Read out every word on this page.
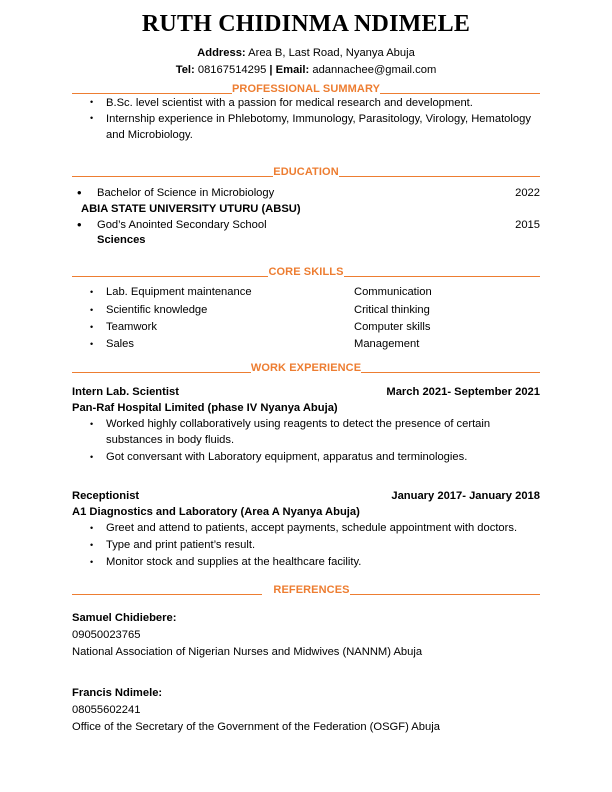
RUTH CHIDINMA NDIMELE

Address: Area B, Last Road, Nyanya Abuja

Tel: 08167514295 | Email: adannachee@gmail.com

PROFESSIONAL SUMMARY
• B.Sc. level scientist with a passion for medical research and development.
• Internship experience in Phlebotomy, Immunology, Parasitology, Virology, Hematology and Microbiology.
EDUCATION
• Bachelor of Science in Microbiology	2022
ABIA STATE UNIVERSITY UTURU (ABSU)
• God’s Anointed Secondary School	2015
Sciences
CORE SKILLS
• Lab. Equipment maintenance	Communication
• Scientific knowledge	Critical thinking
• Teamwork	Computer skills
• Sales	Management
WORK EXPERIENCE
Intern Lab. Scientist	March 2021- September 2021
Pan-Raf Hospital Limited (phase IV Nyanya Abuja)
• Worked highly collaboratively using reagents to detect the presence of certain substances in body fluids.
• Got conversant with Laboratory equipment, apparatus and terminologies.
Receptionist	January 2017- January 2018
A1 Diagnostics and Laboratory (Area A Nyanya Abuja)
• Greet and attend to patients, accept payments, schedule appointment with doctors.
• Type and print patient’s result.
• Monitor stock and supplies at the healthcare facility.
REFERENCES
Samuel Chidiebere:
09050023765
National Association of Nigerian Nurses and Midwives (NANNM) Abuja
Francis Ndimele:
08055602241
Office of the Secretary of the Government of the Federation (OSGF) Abuja
